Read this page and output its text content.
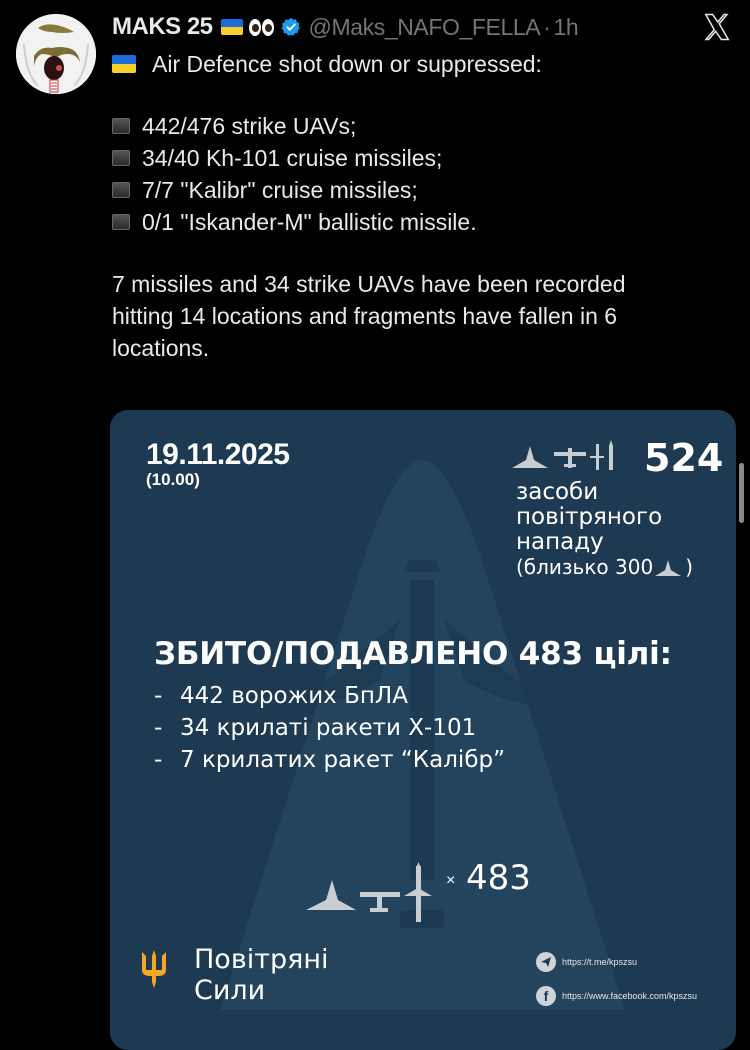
MAKS 25	@Maks_NAFO_FELLA · 1h
Air Defence shot down or suppressed:
442/476 strike UAVs;
34/40 Kh-101 cruise missiles;
7/7 "Kalibr" cruise missiles;
0/1 "Iskander-M" ballistic missile.
7 missiles and 34 strike UAVs have been recorded
hitting 14 locations and fragments have fallen in 6
locations.
19.11.2025
(10.00)	524
засоби
повітряного
нападу
(близько 300 )
ЗБИТО/ПОДАВЛЕНО 483 цілі:
- 442 ворожих БпЛА
- 34 крилаті ракети Х-101
- 7 крилатих ракет “Калібр”
× 483
Повітряні
Сили
https://t.me/kpszsu
f	https://www.facebook.com/kpszsu
